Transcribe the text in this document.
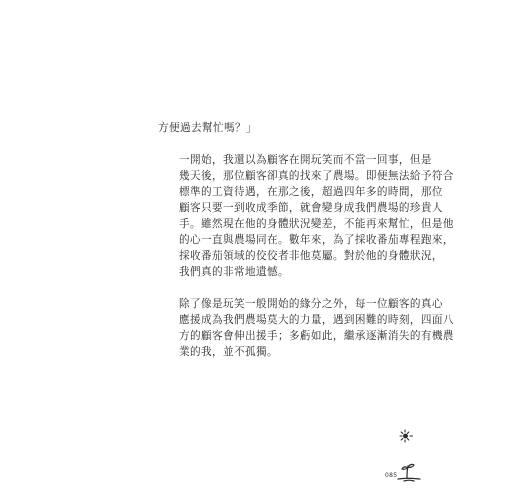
方便過去幫忙嗎？」
一開始，我還以為顧客在開玩笑而不當一回事，但是
幾天後，那位顧客卻真的找來了農場。即便無法給予符合
標準的工資待遇，在那之後，超過四年多的時間，那位
顧客只要一到收成季節，就會變身成我們農場的珍貴人
手。雖然現在他的身體狀況變差，不能再來幫忙，但是他
的心一直與農場同在。數年來，為了採收番茄專程跑來，
採收番茄領域的佼佼者非他莫屬。對於他的身體狀況，
我們真的非常地遺憾。
除了像是玩笑一般開始的緣分之外，每一位顧客的真心
應援成為我們農場莫大的力量，遇到困難的時刻，四面八
方的顧客會伸出援手；多虧如此，繼承逐漸消失的有機農
業的我，並不孤獨。
085
